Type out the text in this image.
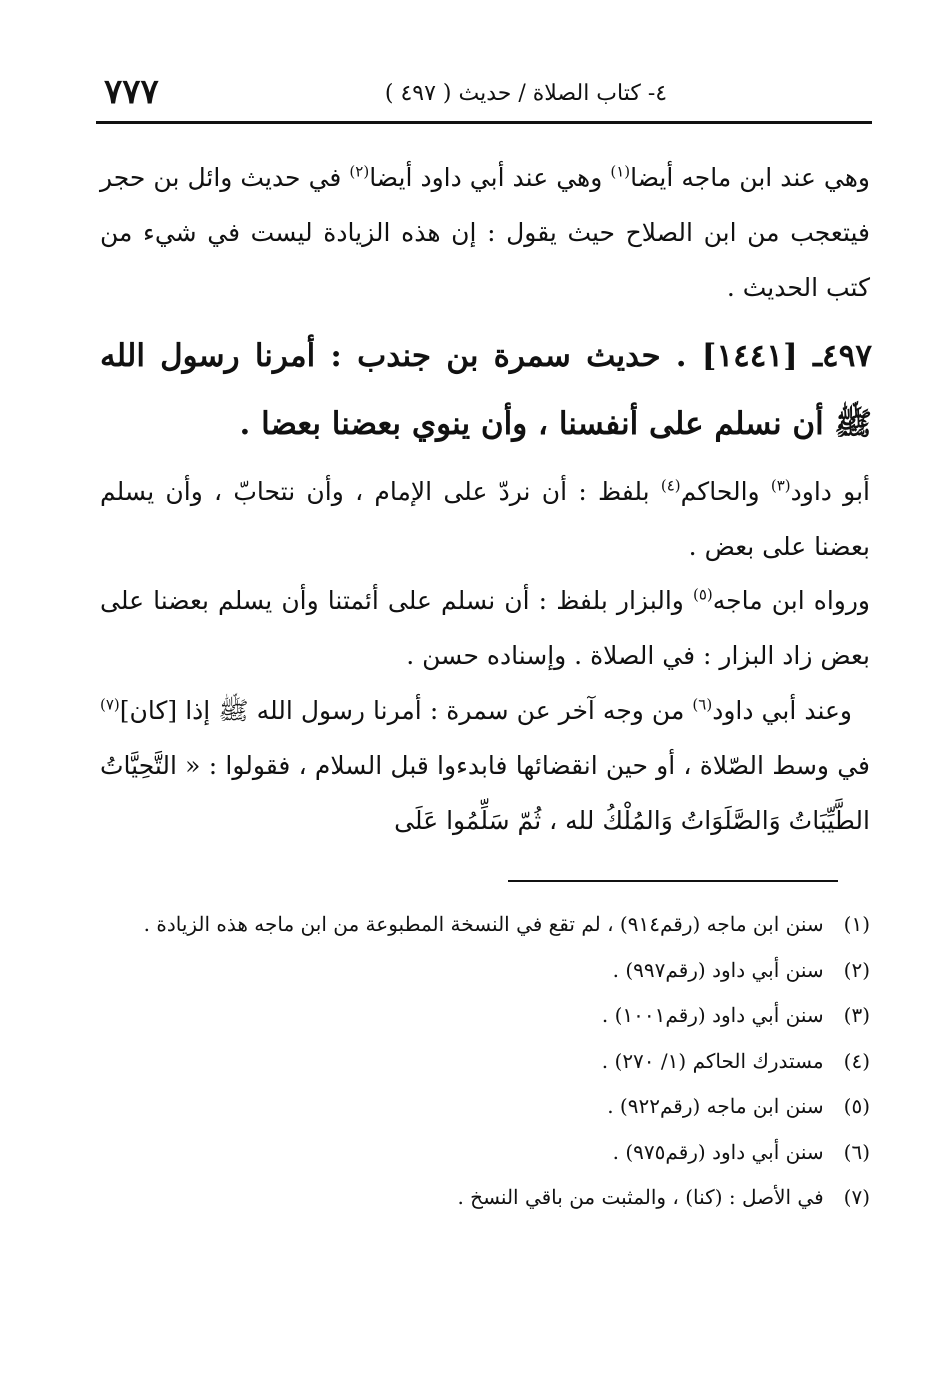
٤- كتاب الصلاة / حديث ( ٤٩٧ )
٧٧٧

وهي عند ابن ماجه أيضا$^{(١)}$ وهي عند أبي داود أيضا$^{(٢)}$ في حديث وائل بن حجر فيتعجب من ابن الصلاح حيث يقول : إن هذه الزيادة ليست في شيء من كتب الحديث .

٤٩٧ـ [١٤٤١] . حديث سمرة بن جندب : أمرنا رسول الله ﷺ أن نسلم على أنفسنا ، وأن ينوي بعضنا بعضا .

أبو داود$^{(٣)}$ والحاكم$^{(٤)}$ بلفظ : أن نردّ على الإمام ، وأن نتحابّ ، وأن يسلم بعضنا على بعض .

ورواه ابن ماجه$^{(٥)}$ والبزار بلفظ : أن نسلم على أئمتنا وأن يسلم بعضنا على بعض زاد البزار : في الصلاة . وإسناده حسن .

وعند أبي داود$^{(٦)}$ من وجه آخر عن سمرة : أمرنا رسول الله ﷺ إذا [كان]$^{(٧)}$ في وسط الصّلاة ، أو حين انقضائها فابدءوا قبل السلام ، فقولوا : « التَّحِيَّاتُ الطَّيِّبَاتُ وَالصَّلَوَاتُ وَالمُلْكُ لله ، ثُمّ سَلِّمُوا عَلَى

(١) سنن ابن ماجه (رقم٩١٤) ، لم تقع في النسخة المطبوعة من ابن ماجه هذه الزيادة .
(٢) سنن أبي داود (رقم٩٩٧) .
(٣) سنن أبي داود (رقم١٠٠١) .
(٤) مستدرك الحاكم (١/ ٢٧٠) .
(٥) سنن ابن ماجه (رقم٩٢٢) .
(٦) سنن أبي داود (رقم٩٧٥) .
(٧) في الأصل : (كنا) ، والمثبت من باقي النسخ .
